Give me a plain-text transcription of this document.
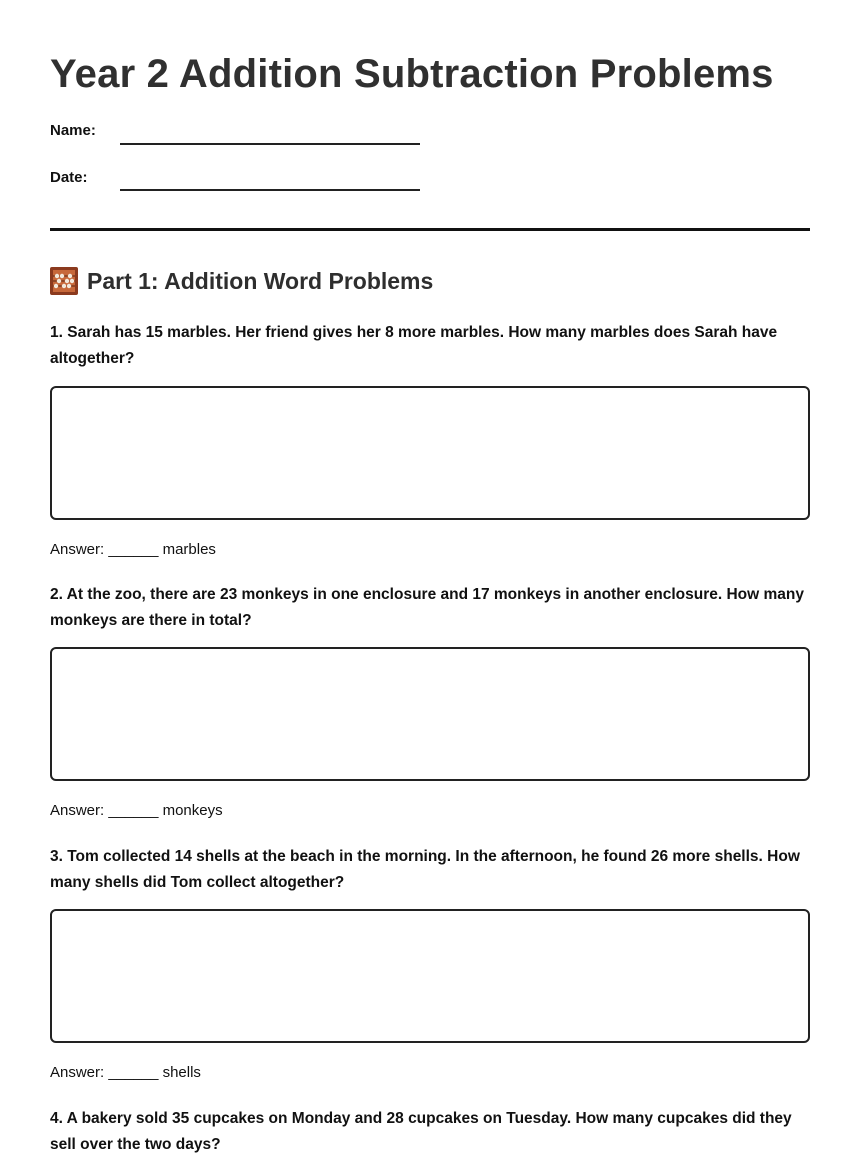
Year 2 Addition Subtraction Problems
Name:
Date:
Part 1: Addition Word Problems

1. Sarah has 15 marbles. Her friend gives her 8 more marbles. How many marbles does Sarah have altogether?

Answer: ______ marbles

2. At the zoo, there are 23 monkeys in one enclosure and 17 monkeys in another enclosure. How many monkeys are there in total?

Answer: ______ monkeys

3. Tom collected 14 shells at the beach in the morning. In the afternoon, he found 26 more shells. How many shells did Tom collect altogether?

Answer: ______ shells

4. A bakery sold 35 cupcakes on Monday and 28 cupcakes on Tuesday. How many cupcakes did they sell over the two days?
